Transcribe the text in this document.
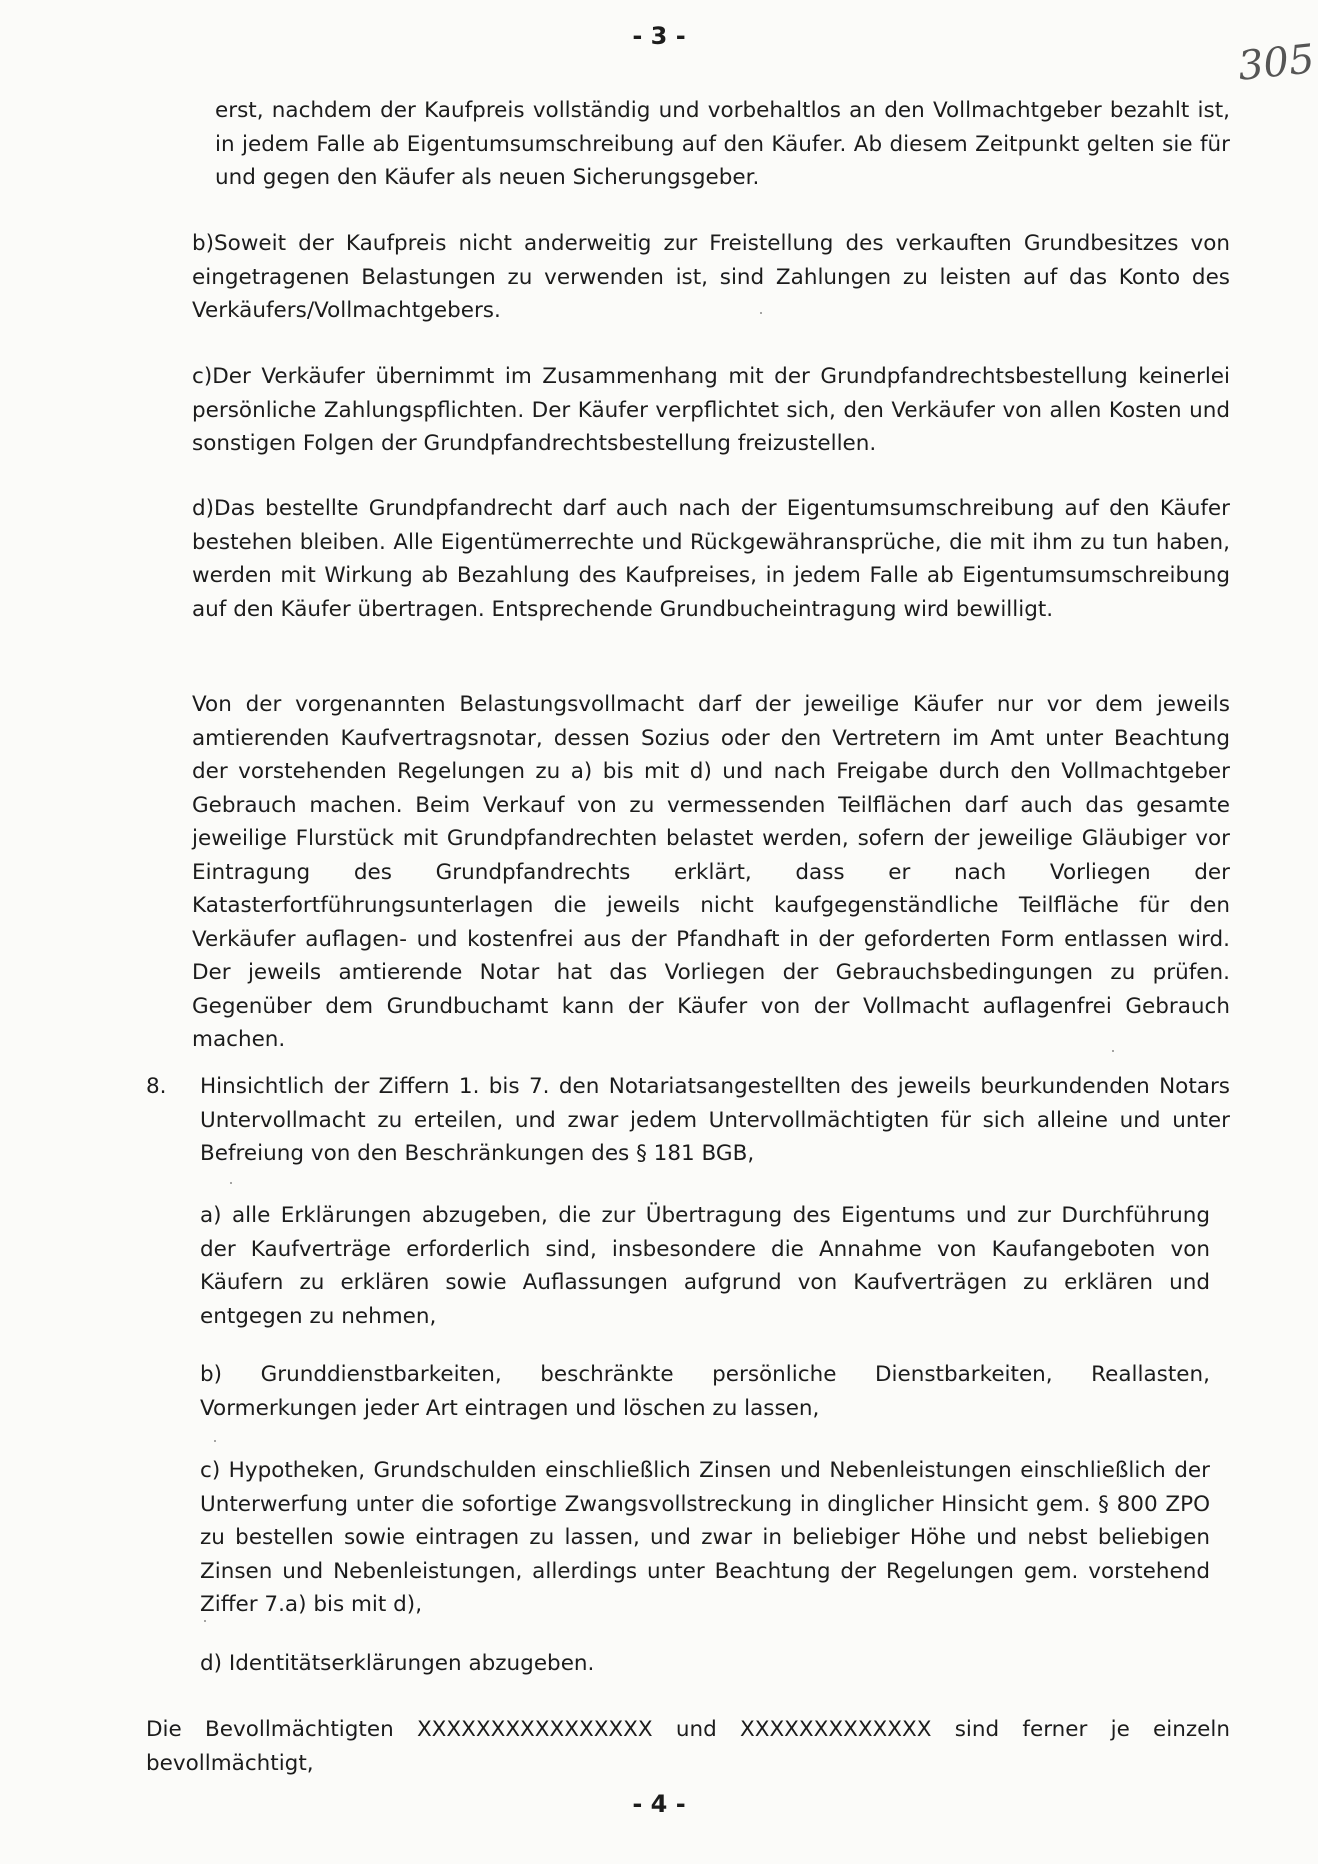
- 3 -
305
erst, nachdem der Kaufpreis vollständig und vorbehaltlos an den Vollmachtgeber bezahlt ist, in jedem Falle ab Eigentumsumschreibung auf den Käufer. Ab diesem Zeitpunkt gelten sie für und gegen den Käufer als neuen Sicherungsgeber.
b)Soweit der Kaufpreis nicht anderweitig zur Freistellung des verkauften Grundbesitzes von eingetragenen Belastungen zu verwenden ist, sind Zahlungen zu leisten auf das Konto des Verkäufers/Vollmachtgebers.
c)Der Verkäufer übernimmt im Zusammenhang mit der Grundpfandrechtsbestellung keinerlei persönliche Zahlungspflichten. Der Käufer verpflichtet sich, den Verkäufer von allen Kosten und sonstigen Folgen der Grundpfandrechtsbestellung freizustellen.
d)Das bestellte Grundpfandrecht darf auch nach der Eigentumsumschreibung auf den Käufer bestehen bleiben. Alle Eigentümerrechte und Rückgewähransprüche, die mit ihm zu tun haben, werden mit Wirkung ab Bezahlung des Kaufpreises, in jedem Falle ab Eigentumsumschreibung auf den Käufer übertragen. Entsprechende Grundbucheintragung wird bewilligt.
Von der vorgenannten Belastungsvollmacht darf der jeweilige Käufer nur vor dem jeweils amtierenden Kaufvertragsnotar, dessen Sozius oder den Vertretern im Amt unter Beachtung der vorstehenden Regelungen zu a) bis mit d) und nach Freigabe durch den Vollmachtgeber Gebrauch machen. Beim Verkauf von zu vermessenden Teilflächen darf auch das gesamte jeweilige Flurstück mit Grundpfandrechten belastet werden, sofern der jeweilige Gläubiger vor Eintragung des Grundpfandrechts erklärt, dass er nach Vorliegen der Katasterfortführungsunterlagen die jeweils nicht kaufgegenständliche Teilfläche für den Verkäufer auflagen- und kostenfrei aus der Pfandhaft in der geforderten Form entlassen wird. Der jeweils amtierende Notar hat das Vorliegen der Gebrauchsbedingungen zu prüfen. Gegenüber dem Grundbuchamt kann der Käufer von der Vollmacht auflagenfrei Gebrauch machen.
8. Hinsichtlich der Ziffern 1. bis 7. den Notariatsangestellten des jeweils beurkundenden Notars Untervollmacht zu erteilen, und zwar jedem Untervollmächtigten für sich alleine und unter Befreiung von den Beschränkungen des § 181 BGB,
a) alle Erklärungen abzugeben, die zur Übertragung des Eigentums und zur Durchführung der Kaufverträge erforderlich sind, insbesondere die Annahme von Kaufangeboten von Käufern zu erklären sowie Auflassungen aufgrund von Kaufverträgen zu erklären und entgegen zu nehmen,
b) Grunddienstbarkeiten, beschränkte persönliche Dienstbarkeiten, Reallasten, Vormerkungen jeder Art eintragen und löschen zu lassen,
c) Hypotheken, Grundschulden einschließlich Zinsen und Nebenleistungen einschließlich der Unterwerfung unter die sofortige Zwangsvollstreckung in dinglicher Hinsicht gem. § 800 ZPO zu bestellen sowie eintragen zu lassen, und zwar in beliebiger Höhe und nebst beliebigen Zinsen und Nebenleistungen, allerdings unter Beachtung der Regelungen gem. vorstehend Ziffer 7.a) bis mit d),
d) Identitätserklärungen abzugeben.
Die Bevollmächtigten XXXXXXXXXXXXXXXX und XXXXXXXXXXXXX sind ferner je einzeln bevollmächtigt,
- 4 -
